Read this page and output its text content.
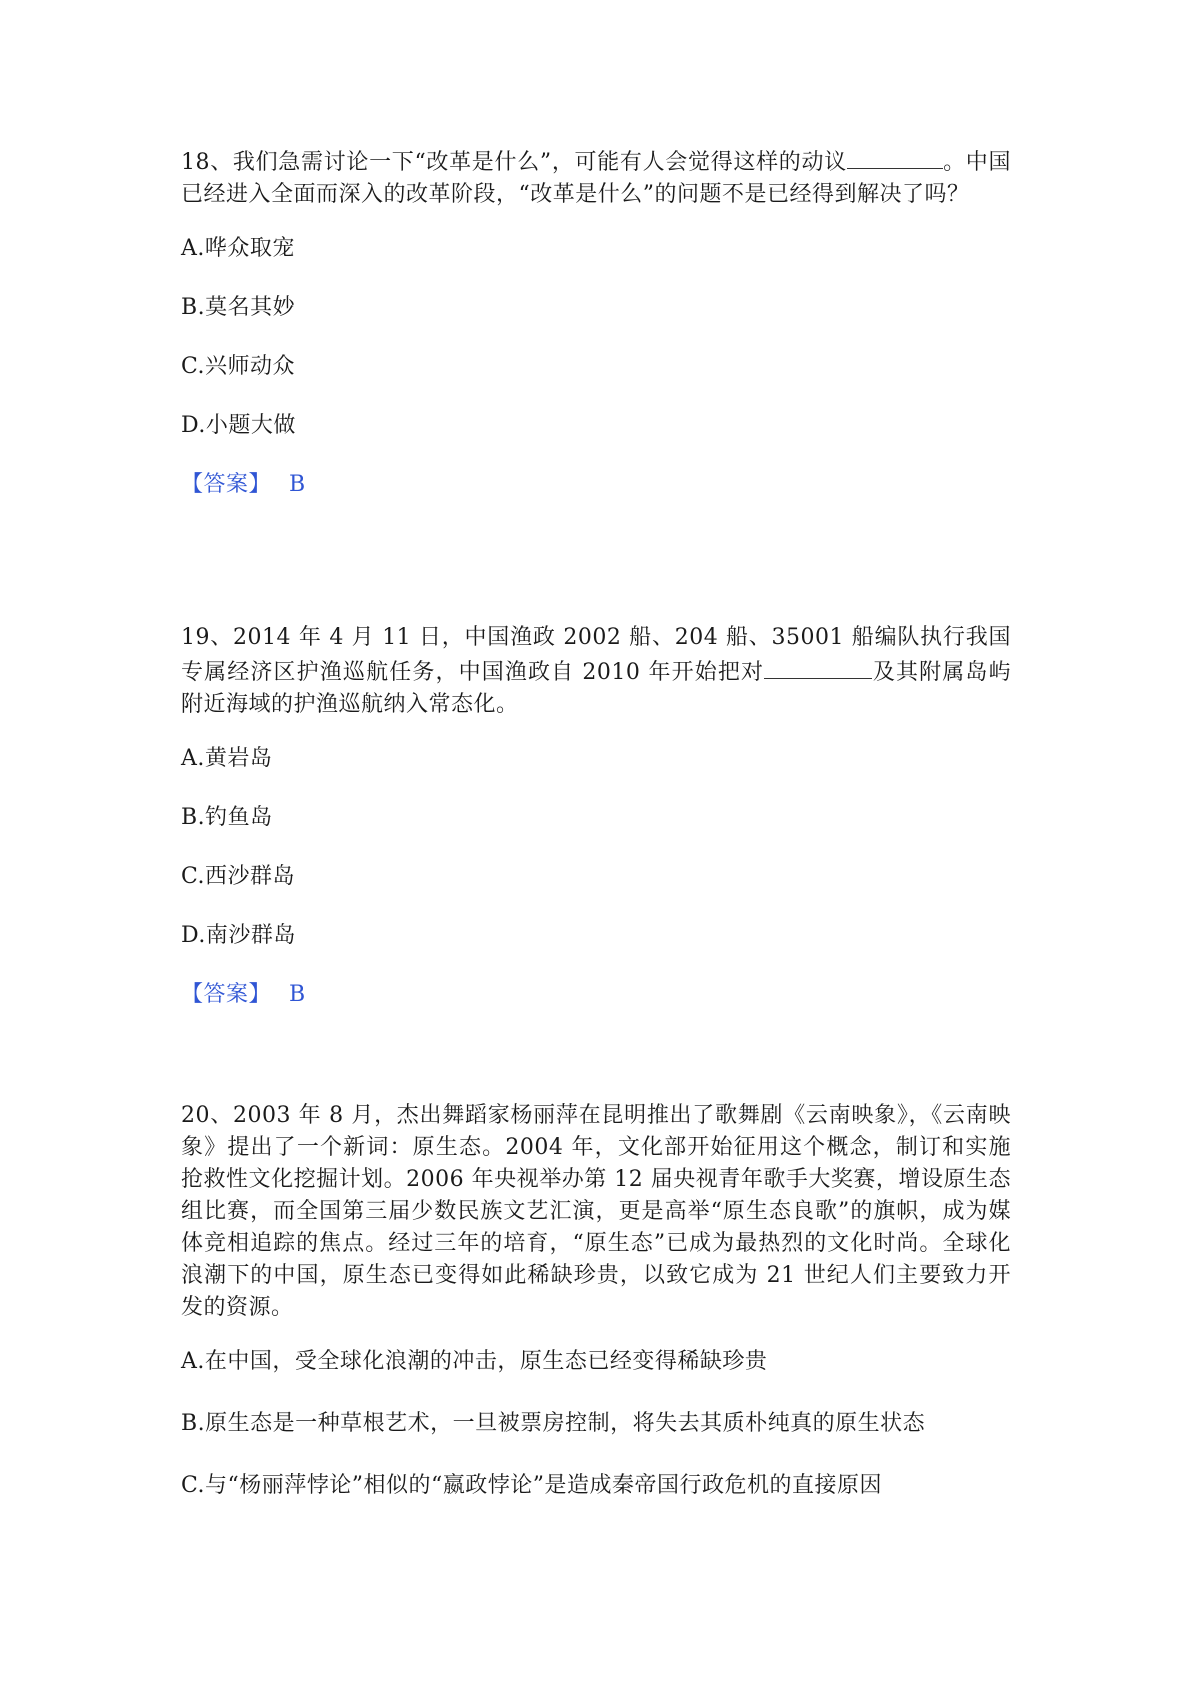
18、我们急需讨论一下“改革是什么”，可能有人会觉得这样的动议	。中国已经进入全面而深入的改革阶段，“改革是什么”的问题不是已经得到解决了吗？

A.哗众取宠

B.莫名其妙

C.兴师动众

D.小题大做

【答案】 B

19、2014 年 4 月 11 日，中国渔政 2002 船、204 船、35001 船编队执行我国专属经济区护渔巡航任务，中国渔政自 2010 年开始把对	及其附属岛屿附近海域的护渔巡航纳入常态化。

A.黄岩岛

B.钓鱼岛

C.西沙群岛

D.南沙群岛

【答案】 B

20、2003 年 8 月，杰出舞蹈家杨丽萍在昆明推出了歌舞剧《云南映象》，《云南映象》提出了一个新词：原生态。2004 年，文化部开始征用这个概念，制订和实施抢救性文化挖掘计划。2006 年央视举办第 12 届央视青年歌手大奖赛，增设原生态组比赛，而全国第三届少数民族文艺汇演，更是高举“原生态良歌”的旗帜，成为媒体竞相追踪的焦点。经过三年的培育，“原生态”已成为最热烈的文化时尚。全球化浪潮下的中国，原生态已变得如此稀缺珍贵，以致它成为 21 世纪人们主要致力开发的资源。

A.在中国，受全球化浪潮的冲击，原生态已经变得稀缺珍贵

B.原生态是一种草根艺术，一旦被票房控制，将失去其质朴纯真的原生状态

C.与“杨丽萍悖论”相似的“嬴政悖论”是造成秦帝国行政危机的直接原因
